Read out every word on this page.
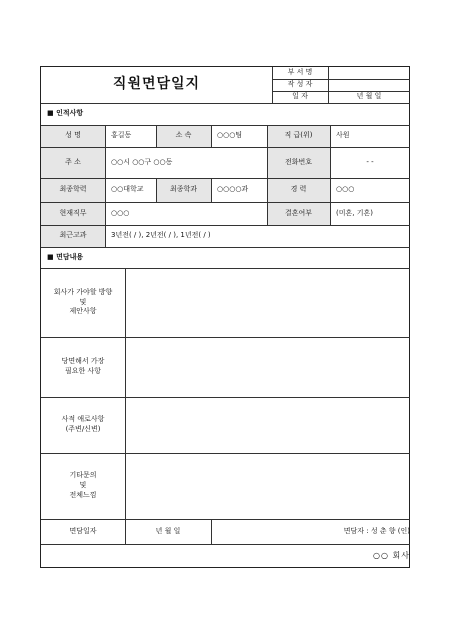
직원면담일지
부 서 명
작 성 자
일 자	년 월 일
■
인적사항
성 명	홍길동	소 속	○○○팀	직 급(위)	사원
주 소	○○시 ○○구 ○○동	전화번호	- -
최종학력	○○대학교	최종학과	○○○○과	경 력	○○○
현재직무	○○○	결혼여부	(미혼, 기혼)
최근고과	3년전( / ), 2년전( / ), 1년전( / )
■
면담내용
회사가 가야할 방향
및
제안사항
당면해서 가장
필요한 사항
사적 애로사항
(주변/신변)
기타문의
및
전체느낌
면담일자	년 월 일	면담자 : 성 춘 향 (인)
○○ 회사
